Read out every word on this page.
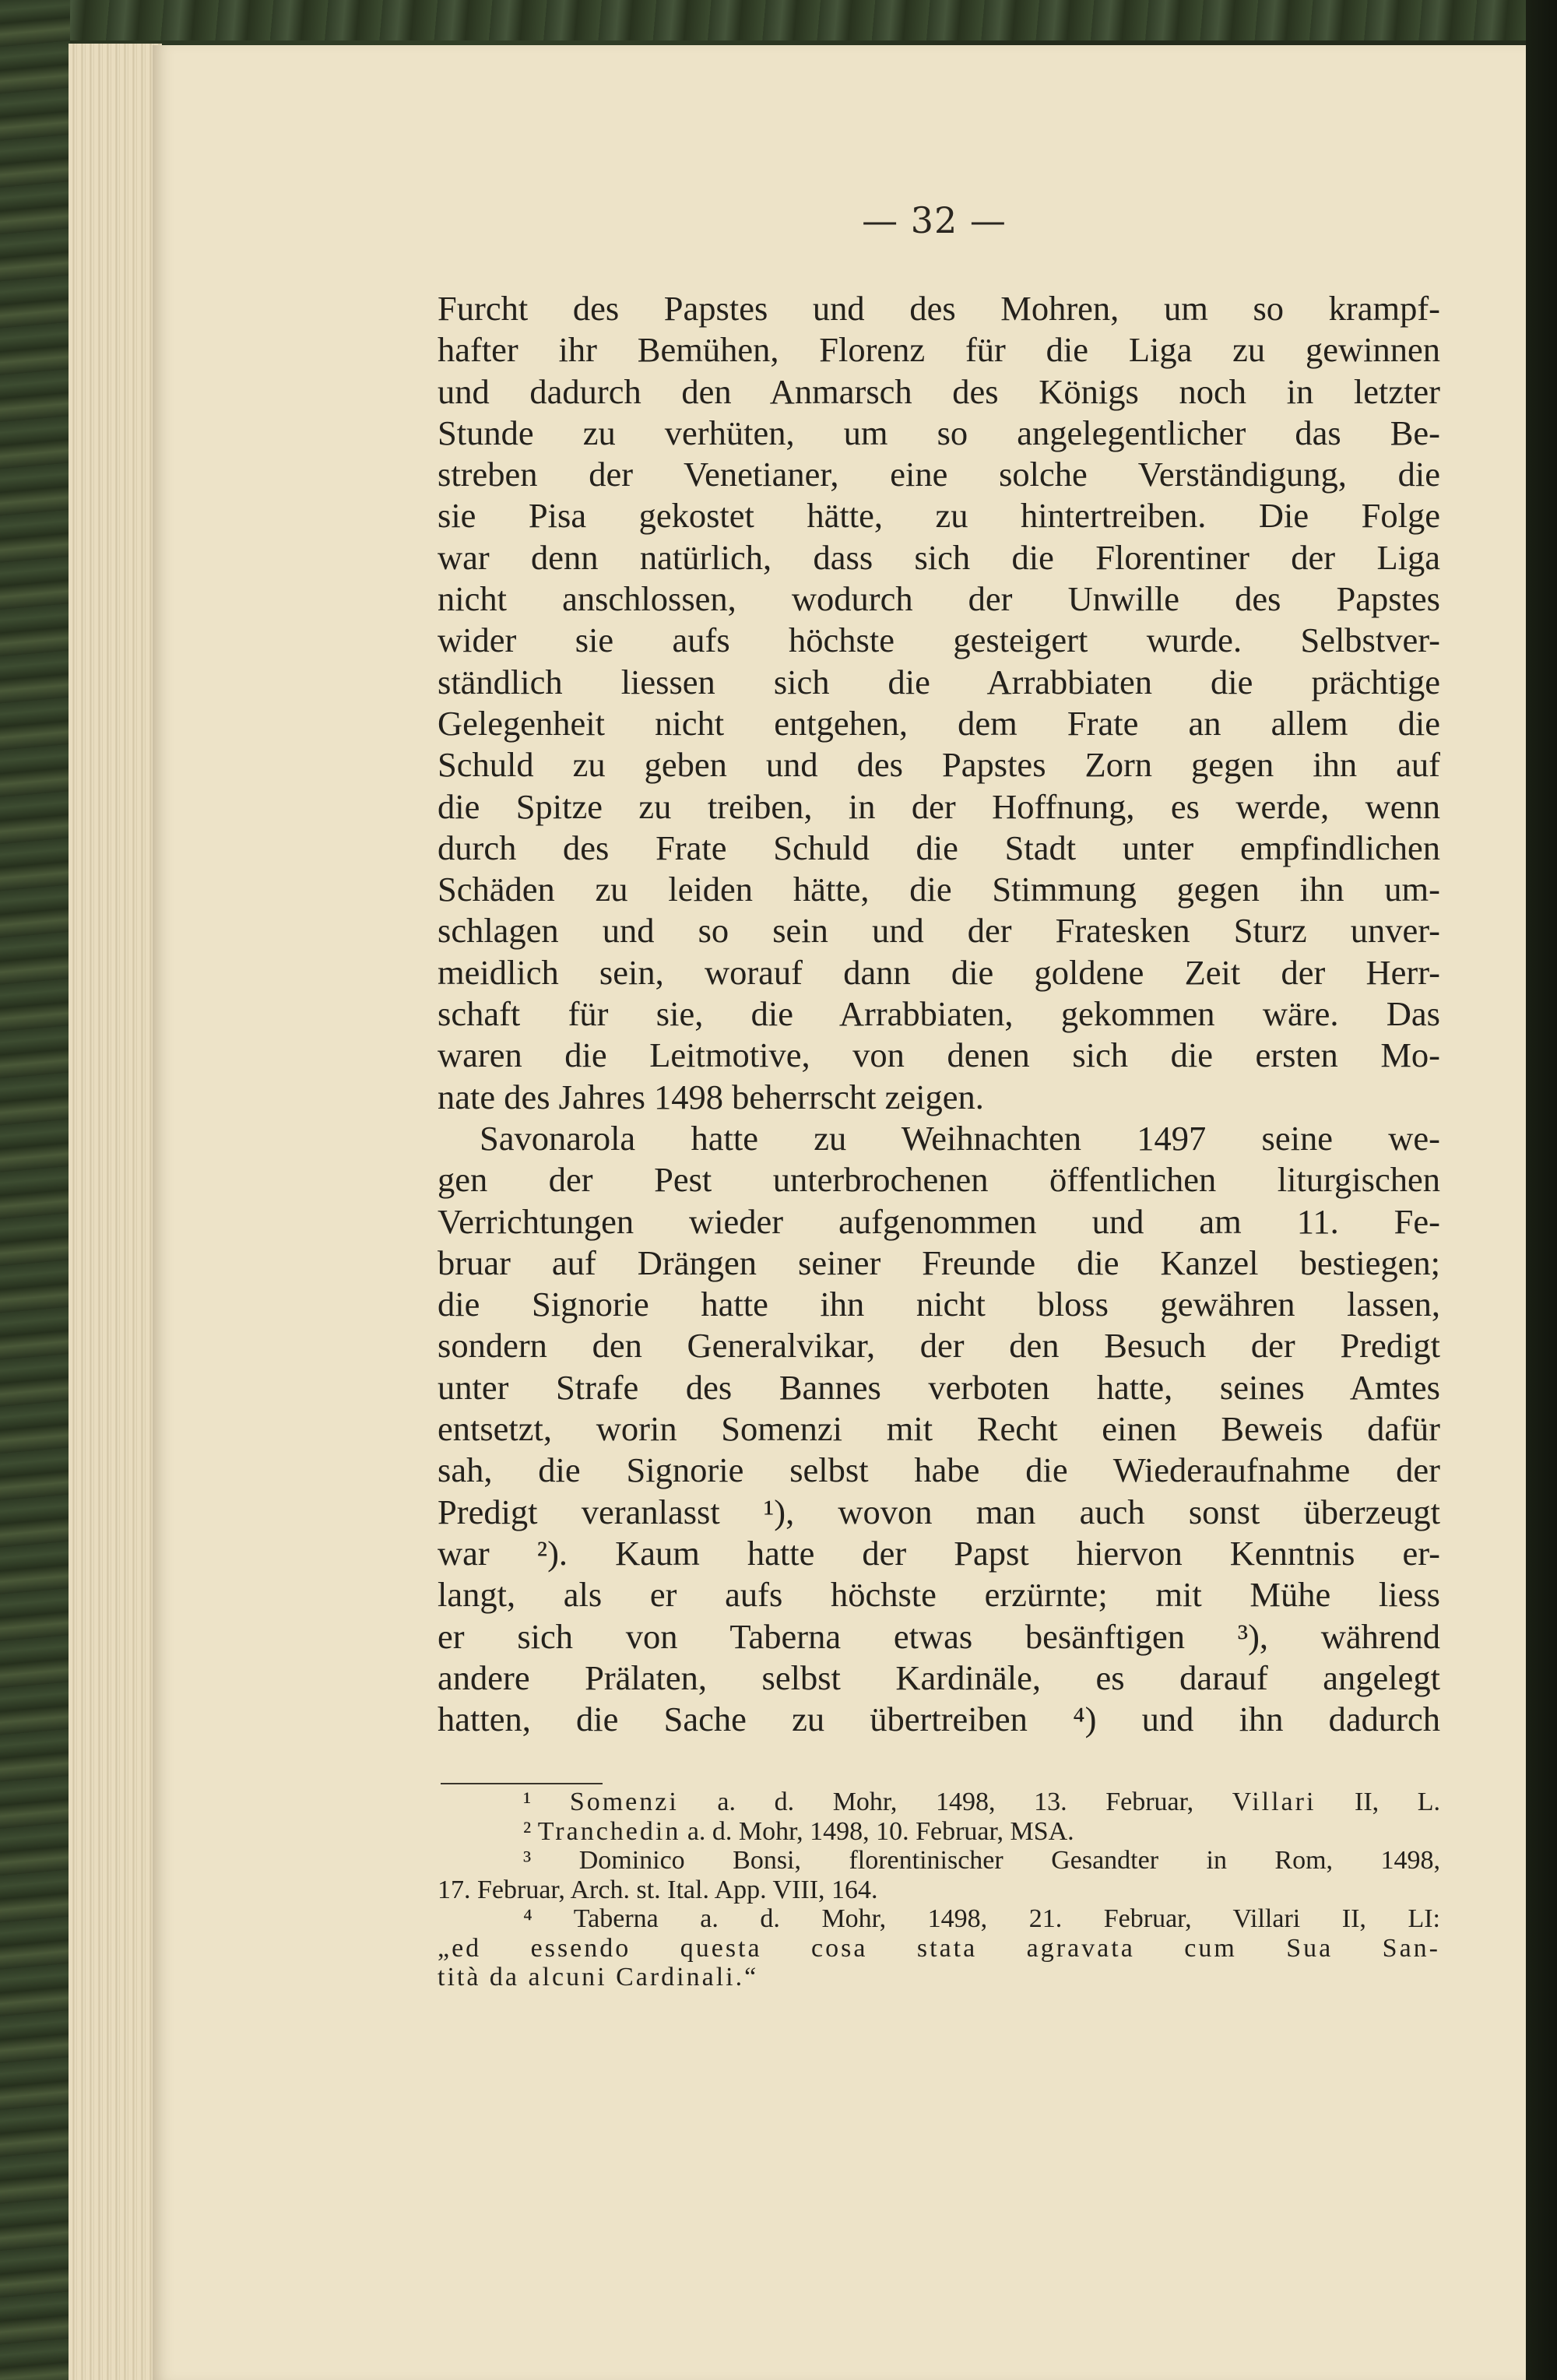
— 32 —
Furcht des Papstes und des Mohren, um so krampf-
hafter ihr Bemühen, Florenz für die Liga zu gewinnen
und dadurch den Anmarsch des Königs noch in letzter
Stunde zu verhüten, um so angelegentlicher das Be-
streben der Venetianer, eine solche Verständigung, die
sie Pisa gekostet hätte, zu hintertreiben. Die Folge
war denn natürlich, dass sich die Florentiner der Liga
nicht anschlossen, wodurch der Unwille des Papstes
wider sie aufs höchste gesteigert wurde. Selbstver-
ständlich liessen sich die Arrabbiaten die prächtige
Gelegenheit nicht entgehen, dem Frate an allem die
Schuld zu geben und des Papstes Zorn gegen ihn auf
die Spitze zu treiben, in der Hoffnung, es werde, wenn
durch des Frate Schuld die Stadt unter empfindlichen
Schäden zu leiden hätte, die Stimmung gegen ihn um-
schlagen und so sein und der Fratesken Sturz unver-
meidlich sein, worauf dann die goldene Zeit der Herr-
schaft für sie, die Arrabbiaten, gekommen wäre. Das
waren die Leitmotive, von denen sich die ersten Mo-
nate des Jahres 1498 beherrscht zeigen.
Savonarola hatte zu Weihnachten 1497 seine we-
gen der Pest unterbrochenen öffentlichen liturgischen
Verrichtungen wieder aufgenommen und am 11. Fe-
bruar auf Drängen seiner Freunde die Kanzel bestiegen;
die Signorie hatte ihn nicht bloss gewähren lassen,
sondern den Generalvikar, der den Besuch der Predigt
unter Strafe des Bannes verboten hatte, seines Amtes
entsetzt, worin Somenzi mit Recht einen Beweis dafür
sah, die Signorie selbst habe die Wiederaufnahme der
Predigt veranlasst ¹), wovon man auch sonst überzeugt
war ²). Kaum hatte der Papst hiervon Kenntnis er-
langt, als er aufs höchste erzürnte; mit Mühe liess
er sich von Taberna etwas besänftigen ³), während
andere Prälaten, selbst Kardinäle, es darauf angelegt
hatten, die Sache zu übertreiben ⁴) und ihn dadurch
¹ Somenzi a. d. Mohr, 1498, 13. Februar, Villari II, L.
² Tranchedin a. d. Mohr, 1498, 10. Februar, MSA.
³ Dominico Bonsi, florentinischer Gesandter in Rom, 1498,
17. Februar, Arch. st. Ital. App. VIII, 164.
⁴ Taberna a. d. Mohr, 1498, 21. Februar, Villari II, LI:
„ed essendo questa cosa stata agravata cum Sua San-
tità da alcuni Cardinali.“
